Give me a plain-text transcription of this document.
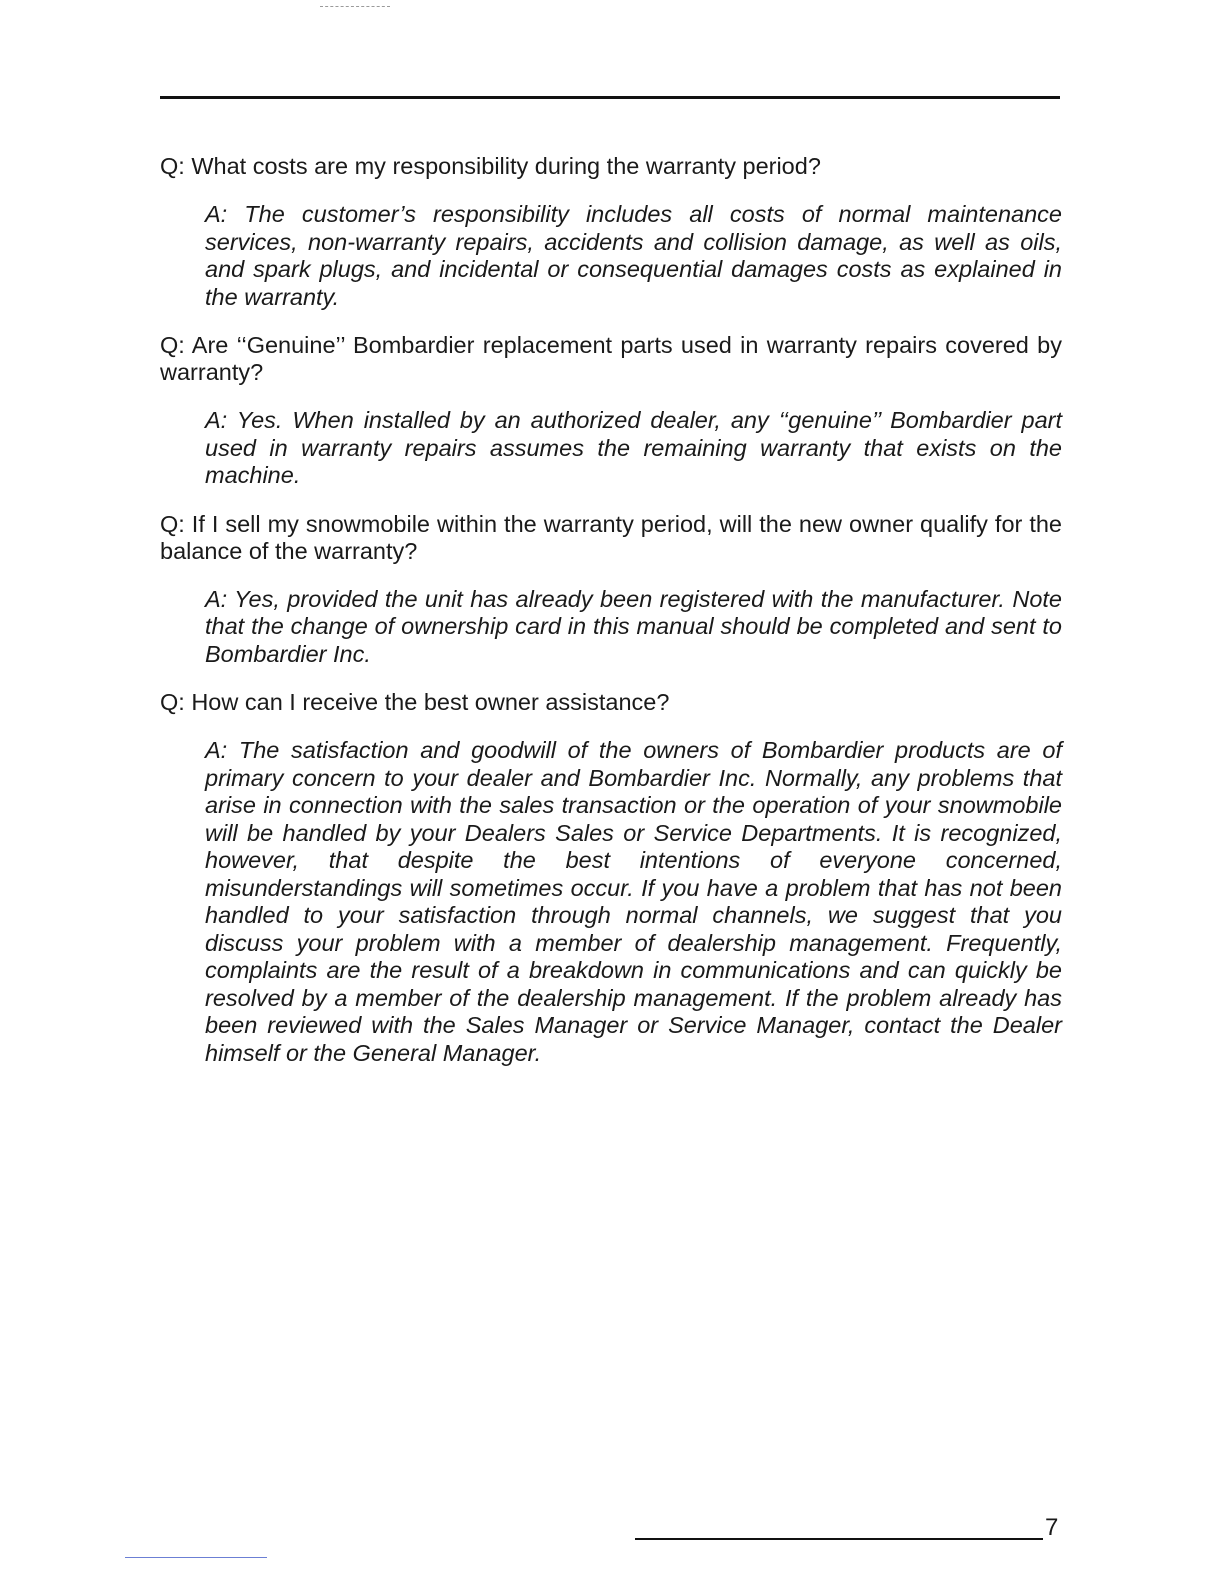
Q: What costs are my responsibility during the warranty period?

A: The customer’s responsibility includes all costs of normal maintenance services, non-warranty repairs, accidents and collision damage, as well as oils, and spark plugs, and incidental or consequential damages costs as explained in the warranty.

Q: Are ‘‘Genuine’’ Bombardier replacement parts used in warranty repairs covered by warranty?

A: Yes. When installed by an authorized dealer, any ‘‘genuine’’ Bombardier part used in warranty repairs assumes the remaining warranty that exists on the machine.

Q: If I sell my snowmobile within the warranty period, will the new owner qualify for the balance of the warranty?

A: Yes, provided the unit has already been registered with the manufacturer. Note that the change of ownership card in this manual should be completed and sent to Bombardier Inc.

Q: How can I receive the best owner assistance?

A: The satisfaction and goodwill of the owners of Bombardier products are of primary concern to your dealer and Bombardier Inc. Normally, any problems that arise in connection with the sales transaction or the operation of your snowmobile will be handled by your Dealers Sales or Service Departments. It is recognized, however, that despite the best intentions of everyone concerned, misunderstandings will sometimes occur. If you have a problem that has not been handled to your satisfaction through normal channels, we suggest that you discuss your problem with a member of dealership management. Frequently, complaints are the result of a breakdown in communications and can quickly be resolved by a member of the dealership management. If the problem already has been reviewed with the Sales Manager or Service Manager, contact the Dealer himself or the General Manager.

7
